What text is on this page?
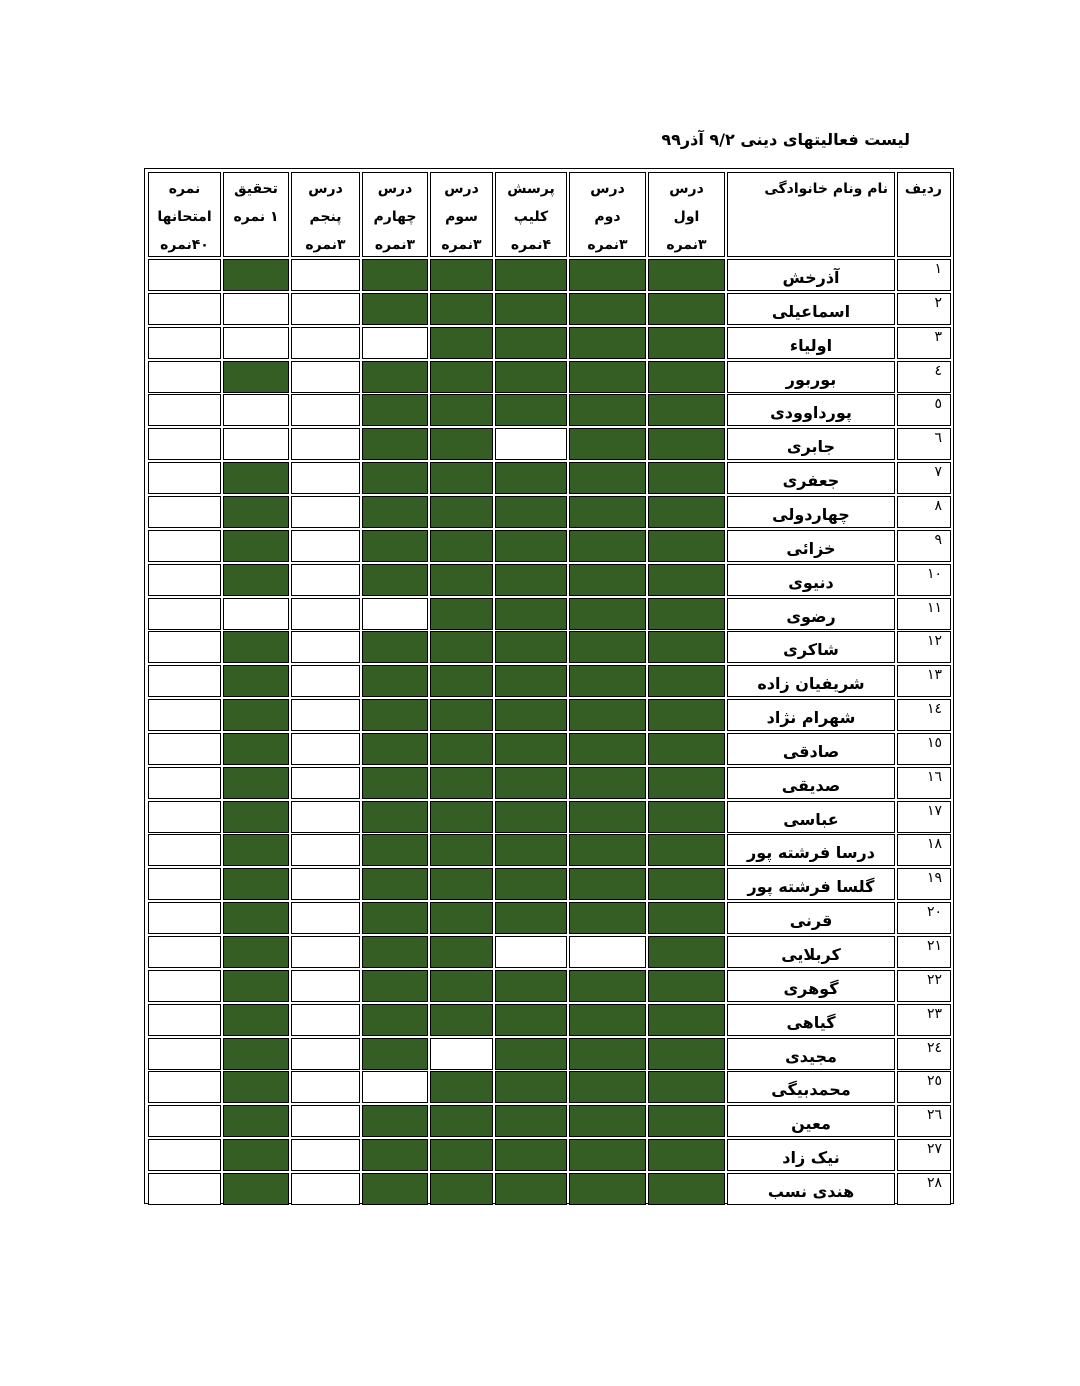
لیست فعالیتهای دینی ۹/۲ آذر۹۹
ردیف
نام ونام خانوادگی
درس
اول
۳نمره
درس
دوم
۳نمره
پرسش
کلیپ
۴نمره
درس
سوم
۳نمره
درس
چهارم
۳نمره
درس
پنجم
۳نمره
تحقیق
۱ نمره
نمره
امتحانها
۴۰نمره
۱
آذرخش
۲
اسماعیلی
۳
اولیاء
٤
بوربور
٥
پورداوودی
٦
جابری
۷
جعفری
۸
چهاردولی
۹
خزائی
۱۰
دنیوی
۱۱
رضوی
۱۲
شاکری
۱۳
شریفیان زاده
۱٤
شهرام نژاد
۱٥
صادقی
۱٦
صدیقی
۱۷
عباسی
۱۸
درسا فرشته پور
۱۹
گلسا فرشته پور
۲۰
قرنی
۲۱
کربلایی
۲۲
گوهری
۲۳
گیاهی
۲٤
مجیدی
۲٥
محمدبیگی
۲٦
معین
۲۷
نیک زاد
۲۸
هندی نسب
